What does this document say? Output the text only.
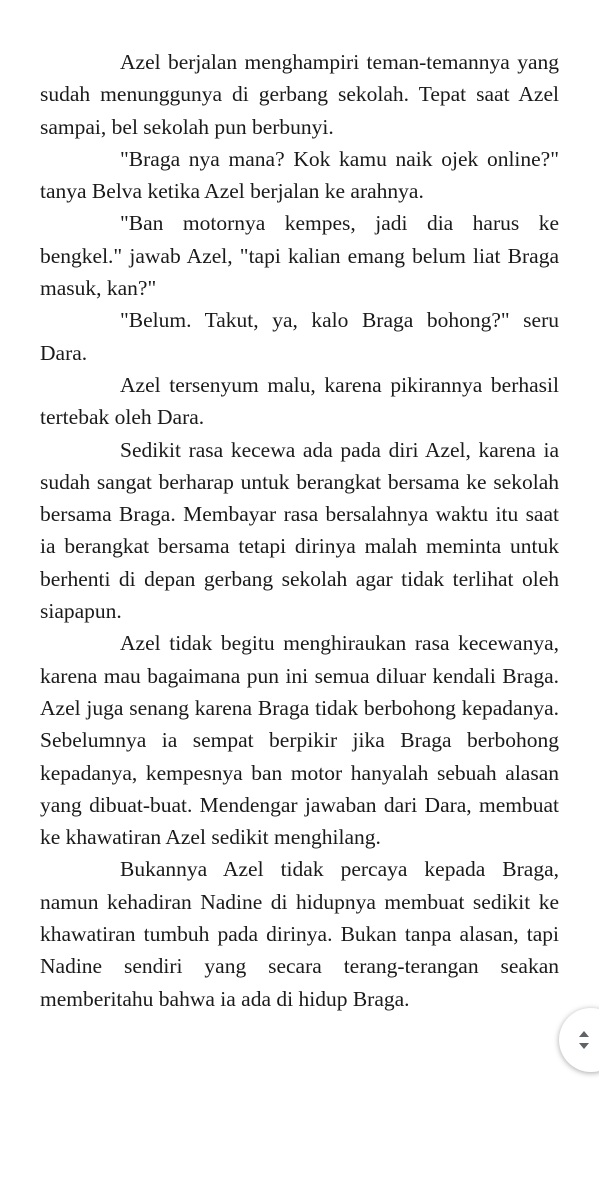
Azel berjalan menghampiri teman-temannya yang sudah menunggunya di gerbang sekolah. Tepat saat Azel sampai, bel sekolah pun berbunyi.

"Braga nya mana? Kok kamu naik ojek online?" tanya Belva ketika Azel berjalan ke arahnya.

"Ban motornya kempes, jadi dia harus ke bengkel." jawab Azel, "tapi kalian emang belum liat Braga masuk, kan?"

"Belum. Takut, ya, kalo Braga bohong?" seru Dara.

Azel tersenyum malu, karena pikirannya berhasil tertebak oleh Dara.

Sedikit rasa kecewa ada pada diri Azel, karena ia sudah sangat berharap untuk berangkat bersama ke sekolah bersama Braga. Membayar rasa bersalahnya waktu itu saat ia berangkat bersama tetapi dirinya malah meminta untuk berhenti di depan gerbang sekolah agar tidak terlihat oleh siapapun.

Azel tidak begitu menghiraukan rasa kecewanya, karena mau bagaimana pun ini semua diluar kendali Braga. Azel juga senang karena Braga tidak berbohong kepadanya. Sebelumnya ia sempat berpikir jika Braga berbohong kepadanya, kempesnya ban motor hanyalah sebuah alasan yang dibuat-buat. Mendengar jawaban dari Dara, membuat ke khawatiran Azel sedikit menghilang.

Bukannya Azel tidak percaya kepada Braga, namun kehadiran Nadine di hidupnya membuat sedikit ke khawatiran tumbuh pada dirinya. Bukan tanpa alasan, tapi Nadine sendiri yang secara terang-terangan seakan memberitahu bahwa ia ada di hidup Braga.
